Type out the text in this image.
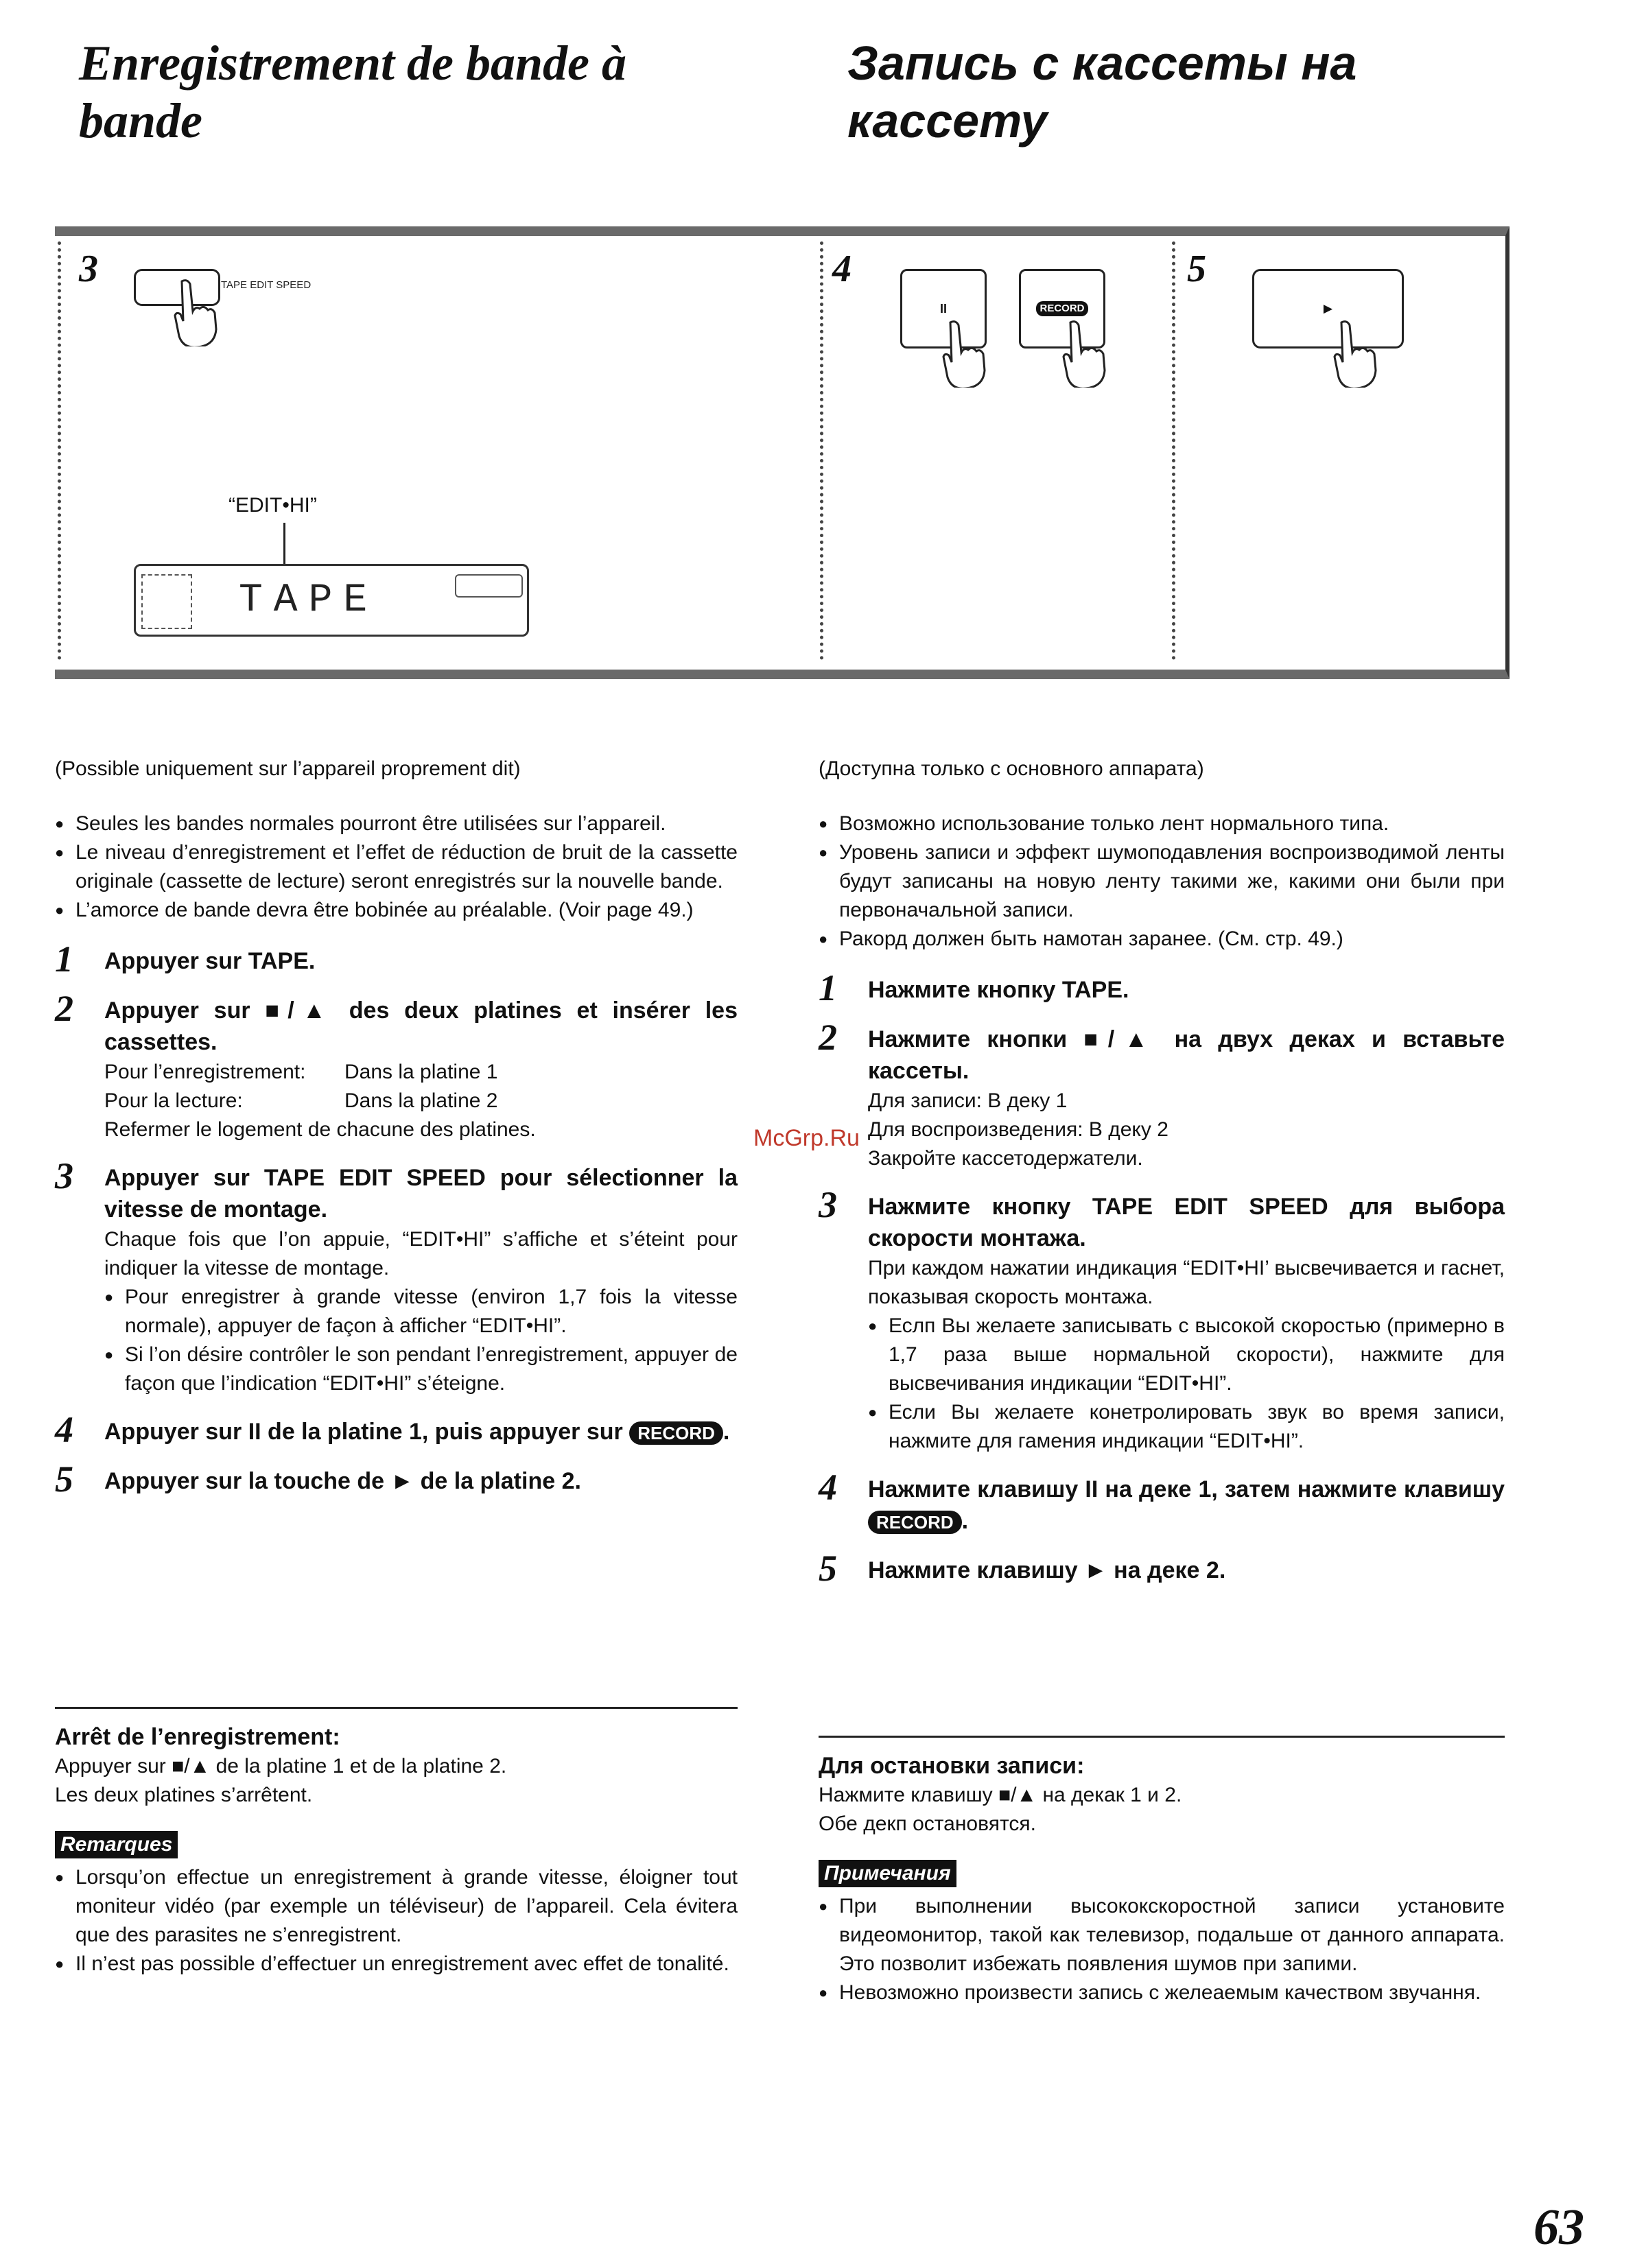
Enregistrement de bande à
bande
Запись с кассеты на
кассету
3	TAPE EDIT SPEED
“EDIT•HI”
TAPE
4
II	RECORD
5
►

(Possible uniquement sur l’appareil proprement dit)

● Seules les bandes normales pourront être utilisées sur l’appareil.
● Le niveau d’enregistrement et l’effet de réduction de bruit de la cassette originale (cassette de lecture) seront enregistrés sur la nouvelle bande.
● L’amorce de bande devra être bobinée au préalable. (Voir page 49.)
1 Appuyer sur TAPE.
2 Appuyer sur ■/▲ des deux platines et insérer les cassettes.
Pour l’enregistrement:	Dans la platine 1
Pour la lecture:	Dans la platine 2
Refermer le logement de chacune des platines.
3 Appuyer sur TAPE EDIT SPEED pour sélectionner la vitesse de montage.
Chaque fois que l’on appuie, “EDIT•HI” s’affiche et s’éteint pour indiquer la vitesse de montage.
● Pour enregistrer à grande vitesse (environ 1,7 fois la vitesse normale), appuyer de façon à afficher “EDIT•HI”.
● Si l’on désire contrôler le son pendant l’enregistrement, appuyer de façon que l’indication “EDIT•HI” s’éteigne.
4 Appuyer sur II de la platine 1, puis appuyer sur RECORD .
5 Appuyer sur la touche de ► de la platine 2.
Arrêt de l’enregistrement:
Appuyer sur ■/▲ de la platine 1 et de la platine 2.
Les deux platines s’arrêtent.
Remarques
● Lorsqu’on effectue un enregistrement à grande vitesse, éloigner tout moniteur vidéo (par exemple un téléviseur) de l’appareil. Cela évitera que des parasites ne s’enregistrent.
● Il n’est pas possible d’effectuer un enregistrement avec effet de tonalité.

(Доступна только с основного аппарата)

● Возможно использование только лент нормального типа.
● Уровень записи и эффект шумоподавления воспроизводимой ленты будут записаны на новую ленту такими же, какими они были при первоначальной записи.
● Ракорд должен быть намотан заранее. (См. стр. 49.)
1 Нажмите кнопку TAPE.
2 Нажмите кнопки ■/▲ на двух деках и вставьте кассеты.
Для записи: В деку 1
Для воспроизведения: В деку 2
Закройте кассетодержатели.
3 Нажмите кнопку TAPE EDIT SPEED для выбора скорости монтажа.
При каждом нажатии индикация “EDIT•HI’ высвечивается и гаснет, показывая скорость монтажа.
● Еслп Вы желаете записывать с высокой скоростью (примерно в 1,7 раза выше нормальной скорости), нажмите для высвечивания индикации “EDIT•HI”.
● Если Вы желаете конетролировать звук во время записи, нажмите для гамения индикации “EDIT•HI”.
4 Нажмите клавишу II на деке 1, затем нажмите клавишу RECORD .
5 Нажмите клавишу ► на деке 2.
Для остановки записи:
Нажмите клавишу ■/▲ на декак 1 и 2.
Обе декп остановятся.
Примечания
● При выполнении высококскоростной записи установите видеомонитор, такой как телевизор, подальше от данного аппарата. Это позволит избежать появления шумов при запими.
● Невозможно произвести запись с желеаемым качеством звучання.
McGrp.Ru
63
